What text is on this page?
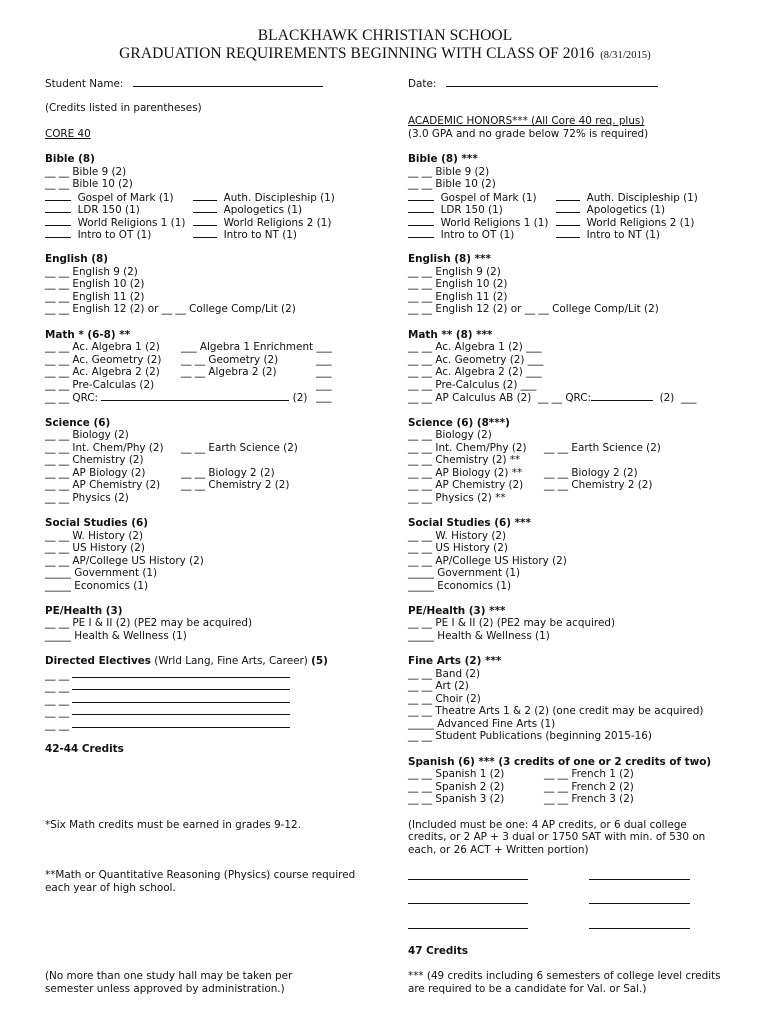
BLACKHAWK CHRISTIAN SCHOOL
GRADUATION REQUIREMENTS BEGINNING WITH CLASS OF 2016 (8/31/2015)
Student Name:	Date:
(Credits listed in parentheses)
CORE 40
Bible (8)
__ __ Bible 9 (2)
__ __ Bible 10 (2)
Gospel of Mark (1)	Auth. Discipleship (1)
LDR 150 (1)	Apologetics (1)
World Religions 1 (1)	World Religions 2 (1)
Intro to OT (1)	Intro to NT (1)
English (8)
__ __ English 9 (2)
__ __ English 10 (2)
__ __ English 11 (2)
__ __ English 12 (2) or __ __ College Comp/Lit (2)
Math * (6-8) **
__ __ Ac. Algebra 1 (2) ___ Algebra 1 Enrichment ___
__ __ Ac. Geometry (2) __ __ Geometry (2)	___
__ __ Ac. Algebra 2 (2) __ __ Algebra 2 (2)	___
__ __ Pre-Calculas (2)	___
__ __ QRC:	(2) ___
Science (6)
__ __ Biology (2)
__ __ Int. Chem/Phy (2) __ __ Earth Science (2)
__ __ Chemistry (2)
__ __ AP Biology (2)	__ __ Biology 2 (2)
__ __ AP Chemistry (2) __ __ Chemistry 2 (2)
__ __ Physics (2)
Social Studies (6)
__ __ W. History (2)
__ __ US History (2)
__ __ AP/College US History (2)
_____ Government (1)
_____ Economics (1)
PE/Health (3)
__ __ PE I & II (2) (PE2 may be acquired)
_____ Health & Wellness (1)
Directed Electives (Wrld Lang, Fine Arts, Career) (5)
__ __
__ __
__ __
__ __
__ __
42-44 Credits
*Six Math credits must be earned in grades 9-12.
**Math or Quantitative Reasoning (Physics) course required
each year of high school.
(No more than one study hall may be taken per
semester unless approved by administration.)
ACADEMIC HONORS*** (All Core 40 req. plus)
(3.0 GPA and no grade below 72% is required)
Bible (8) ***
__ __ Bible 9 (2)
__ __ Bible 10 (2)
Gospel of Mark (1)	Auth. Discipleship (1)
LDR 150 (1)	Apologetics (1)
World Religions 1 (1)	World Religions 2 (1)
Intro to OT (1)	Intro to NT (1)
English (8) ***
__ __ English 9 (2)
__ __ English 10 (2)
__ __ English 11 (2)
__ __ English 12 (2) or __ __ College Comp/Lit (2)
Math ** (8) ***
__ __ Ac. Algebra 1 (2) ___
__ __ Ac. Geometry (2) ___
__ __ Ac. Algebra 2 (2) ___
__ __ Pre-Calculus (2) ___
__ __ AP Calculus AB (2)  __ __ QRC:	(2)  ___
Science (6) (8***)
__ __ Biology (2)
__ __ Int. Chem/Phy (2) __ __ Earth Science (2)
__ __ Chemistry (2) **
__ __ AP Biology (2) ** __ __ Biology 2 (2)
__ __ AP Chemistry (2) __ __ Chemistry 2 (2)
__ __ Physics (2) **
Social Studies (6) ***
__ __ W. History (2)
__ __ US History (2)
__ __ AP/College US History (2)
_____ Government (1)
_____ Economics (1)
PE/Health (3) ***
__ __ PE I & II (2) (PE2 may be acquired)
_____ Health & Wellness (1)
Fine Arts (2) ***
__ __ Band (2)
__ __ Art (2)
__ __ Choir (2)
__ __ Theatre Arts 1 & 2 (2) (one credit may be acquired)
_____ Advanced Fine Arts (1)
__ __ Student Publications (beginning 2015-16)
Spanish (6) *** (3 credits of one or 2 credits of two)
__ __ Spanish 1 (2)	__ __ French 1 (2)
__ __ Spanish 2 (2)	__ __ French 2 (2)
__ __ Spanish 3 (2)	__ __ French 3 (2)
(Included must be one: 4 AP credits, or 6 dual college
credits, or 2 AP + 3 dual or 1750 SAT with min. of 530 on
each, or 26 ACT + Written portion)
47 Credits
*** (49 credits including 6 semesters of college level credits
are required to be a candidate for Val. or Sal.)
